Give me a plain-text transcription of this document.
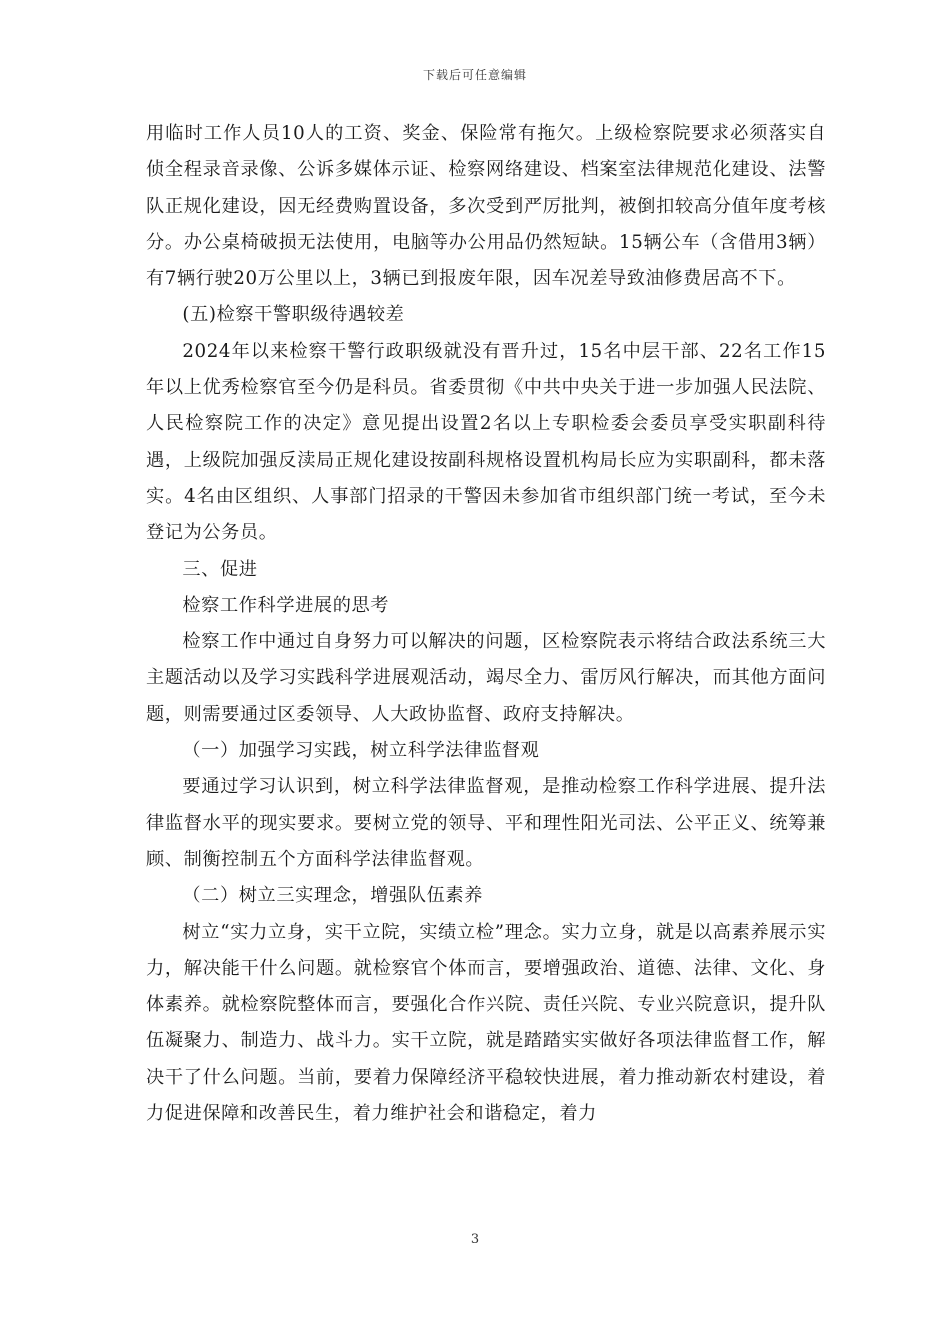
下载后可任意编辑

用临时工作人员10人的工资、奖金、保险常有拖欠。上级检察院要求必须落实自侦全程录音录像、公诉多媒体示证、检察网络建设、档案室法律规范化建设、法警队正规化建设，因无经费购置设备，多次受到严厉批判，被倒扣较高分值年度考核分。办公桌椅破损无法使用，电脑等办公用品仍然短缺。15辆公车（含借用3辆）有7辆行驶20万公里以上，3辆已到报废年限，因车况差导致油修费居高不下。

(五)检察干警职级待遇较差

2024年以来检察干警行政职级就没有晋升过，15名中层干部、22名工作15年以上优秀检察官至今仍是科员。省委贯彻《中共中央关于进一步加强人民法院、人民检察院工作的决定》意见提出设置2名以上专职检委会委员享受实职副科待遇，上级院加强反渎局正规化建设按副科规格设置机构局长应为实职副科，都未落实。4名由区组织、人事部门招录的干警因未参加省市组织部门统一考试，至今未登记为公务员。

三、促进

检察工作科学进展的思考

检察工作中通过自身努力可以解决的问题，区检察院表示将结合政法系统三大主题活动以及学习实践科学进展观活动，竭尽全力、雷厉风行解决，而其他方面问题，则需要通过区委领导、人大政协监督、政府支持解决。

（一）加强学习实践，树立科学法律监督观

要通过学习认识到，树立科学法律监督观，是推动检察工作科学进展、提升法律监督水平的现实要求。要树立党的领导、平和理性阳光司法、公平正义、统筹兼顾、制衡控制五个方面科学法律监督观。

（二）树立三实理念，增强队伍素养

树立“实力立身，实干立院，实绩立检”理念。实力立身，就是以高素养展示实力，解决能干什么问题。就检察官个体而言，要增强政治、道德、法律、文化、身体素养。就检察院整体而言，要强化合作兴院、责任兴院、专业兴院意识，提升队伍凝聚力、制造力、战斗力。实干立院，就是踏踏实实做好各项法律监督工作，解决干了什么问题。当前，要着力保障经济平稳较快进展，着力推动新农村建设，着力促进保障和改善民生，着力维护社会和谐稳定，着力

3
